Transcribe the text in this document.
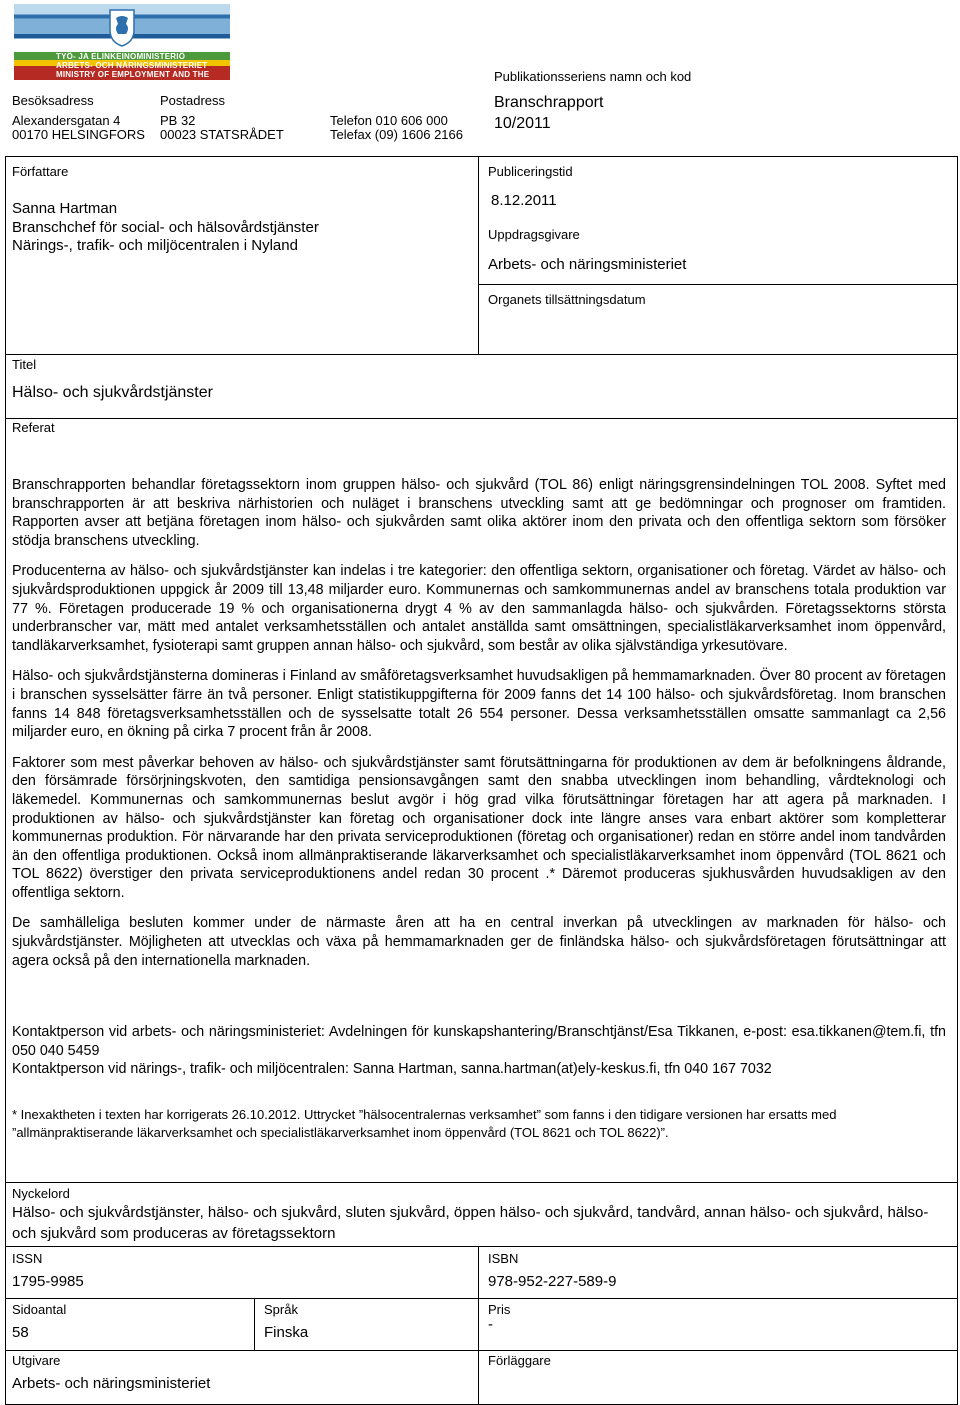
TYÖ- JA ELINKEINOMINISTERIÖ
ARBETS- OCH NÄRINGSMINISTERIET
MINISTRY OF EMPLOYMENT AND THE ECONOMY
Besöksadress
Alexandersgatan 4
00170 HELSINGFORS
Postadress
PB 32
00023 STATSRÅDET
Telefon 010 606 000
Telefax (09) 1606 2166
Publikationsseriens namn och kod
Branschrapport
10/2011
Författare
Sanna Hartman
Branschchef för social- och hälsovårdstjänster
Närings-, trafik- och miljöcentralen i Nyland
Publiceringstid
8.12.2011
Uppdragsgivare
Arbets- och näringsministeriet
Organets tillsättningsdatum
Titel
Hälso- och sjukvårdstjänster
Referat

Branschrapporten behandlar företagssektorn inom gruppen hälso- och sjukvård (TOL 86) enligt näringsgrensindelningen TOL 2008. Syftet med branschrapporten är att beskriva närhistorien och nuläget i branschens utveckling samt att ge bedömningar och prognoser om framtiden. Rapporten avser att betjäna företagen inom hälso- och sjukvården samt olika aktörer inom den privata och den offentliga sektorn som försöker stödja branschens utveckling.

Producenterna av hälso- och sjukvårdstjänster kan indelas i tre kategorier: den offentliga sektorn, organisationer och företag. Värdet av hälso- och sjukvårdsproduktionen uppgick år 2009 till 13,48 miljarder euro. Kommunernas och samkommunernas andel av branschens totala produktion var 77 %. Företagen producerade 19 % och organisationerna drygt 4 % av den sammanlagda hälso- och sjukvården. Företagssektorns största underbranscher var, mätt med antalet verksamhetsställen och antalet anställda samt omsättningen, specialistläkarverksamhet inom öppenvård, tandläkarverksamhet, fysioterapi samt gruppen annan hälso- och sjukvård, som består av olika självständiga yrkesutövare.

Hälso- och sjukvårdstjänsterna domineras i Finland av småföretagsverksamhet huvudsakligen på hemmamarknaden. Över 80 procent av företagen i branschen sysselsätter färre än två personer. Enligt statistikuppgifterna för 2009 fanns det 14 100 hälso- och sjukvårdsföretag. Inom branschen fanns 14 848 företagsverksamhetsställen och de sysselsatte totalt 26 554 personer. Dessa verksamhetsställen omsatte sammanlagt ca 2,56 miljarder euro, en ökning på cirka 7 procent från år 2008.

Faktorer som mest påverkar behoven av hälso- och sjukvårdstjänster samt förutsättningarna för produktionen av dem är befolkningens åldrande, den försämrade försörjningskvoten, den samtidiga pensionsavgången samt den snabba utvecklingen inom behandling, vårdteknologi och läkemedel. Kommunernas och samkommunernas beslut avgör i hög grad vilka förutsättningar företagen har att agera på marknaden. I produktionen av hälso- och sjukvårdstjänster kan företag och organisationer dock inte längre anses vara enbart aktörer som kompletterar kommunernas produktion. För närvarande har den privata serviceproduktionen (företag och organisationer) redan en större andel inom tandvården än den offentliga produktionen. Också inom allmänpraktiserande läkarverksamhet och specialistläkarverksamhet inom öppenvård (TOL 8621 och TOL 8622) överstiger den privata serviceproduktionens andel redan 30 procent .* Däremot produceras sjukhusvården huvudsakligen av den offentliga sektorn.

De samhälleliga besluten kommer under de närmaste åren att ha en central inverkan på utvecklingen av marknaden för hälso- och sjukvårdstjänster. Möjligheten att utvecklas och växa på hemmamarknaden ger de finländska hälso- och sjukvårdsföretagen förutsättningar att agera också på den internationella marknaden.

Kontaktperson vid arbets- och näringsministeriet: Avdelningen för kunskapshantering/Branschtjänst/Esa Tikkanen, e-post: esa.tikkanen@tem.fi, tfn 050 040 5459

Kontaktperson vid närings-, trafik- och miljöcentralen: Sanna Hartman, sanna.hartman(at)ely-keskus.fi, tfn 040 167 7032

* Inexaktheten i texten har korrigerats 26.10.2012. Uttrycket ”hälsocentralernas verksamhet” som fanns i den tidigare versionen har ersatts med ”allmänpraktiserande läkarverksamhet och specialistläkarverksamhet inom öppenvård (TOL 8621 och TOL 8622)”.
Nyckelord
Hälso- och sjukvårdstjänster, hälso- och sjukvård, sluten sjukvård, öppen hälso- och sjukvård, tandvård, annan hälso- och sjukvård, hälso- och sjukvård som produceras av företagssektorn
ISSN
1795-9985
ISBN
978-952-227-589-9
Sidoantal
58
Språk
Finska
Pris
-
Utgivare
Arbets- och näringsministeriet
Förläggare
